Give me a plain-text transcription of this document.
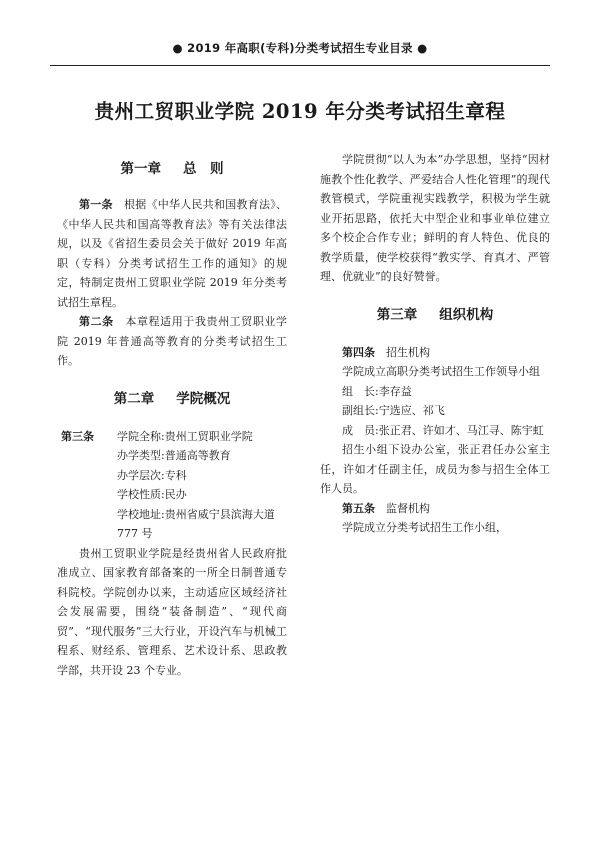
● 2019 年高职(专科)分类考试招生专业目录 ●
贵州工贸职业学院 2019 年分类考试招生章程
第一章 总　则

第一条　 根据《中华人民共和国教育法》、《中华人民共和国高等教育法》等有关法律法规，以及《省招生委员会关于做好 2019 年高职（专科）分类考试招生工作的通知》的规定，特制定贵州工贸职业学院 2019 年分类考试招生章程。

第二条　 本章程适用于我贵州工贸职业学院 2019 年普通高等教育的分类考试招生工作。

第二章 学院概况
第三条	学院全称:贵州工贸职业学院
办学类型:普通高等教育
办学层次:专科
学校性质:民办
学校地址:贵州省威宁县滨海大道 777 号

贵州工贸职业学院是经贵州省人民政府批准成立、国家教育部备案的一所全日制普通专科院校。学院创办以来，主动适应区域经济社会发展需要，围绕“装备制造”、“现代商贸”、“现代服务”三大行业，开设汽车与机械工程系、财经系、管理系、艺术设计系、思政教学部，共开设 23 个专业。

学院贯彻“以人为本”办学思想，坚持“因材施教个性化教学、严爱结合人性化管理”的现代教管模式，学院重视实践教学，积极为学生就业开拓思路，依托大中型企业和事业单位建立多个校企合作专业；鲜明的育人特色、优良的教学质量，使学校获得“教实学、育真才、严管理、优就业”的良好赞誉。

第三章 组织机构

第四条　 招生机构

学院成立高职分类考试招生工作领导小组

组　长:李存益

副组长:宁选应、祁飞

成　员:张正君、许如才、马江寻、陈宇虹

招生小组下设办公室，张正君任办公室主任，许如才任副主任，成员为参与招生全体工作人员。

第五条　 监督机构

学院成立分类考试招生工作小组，
